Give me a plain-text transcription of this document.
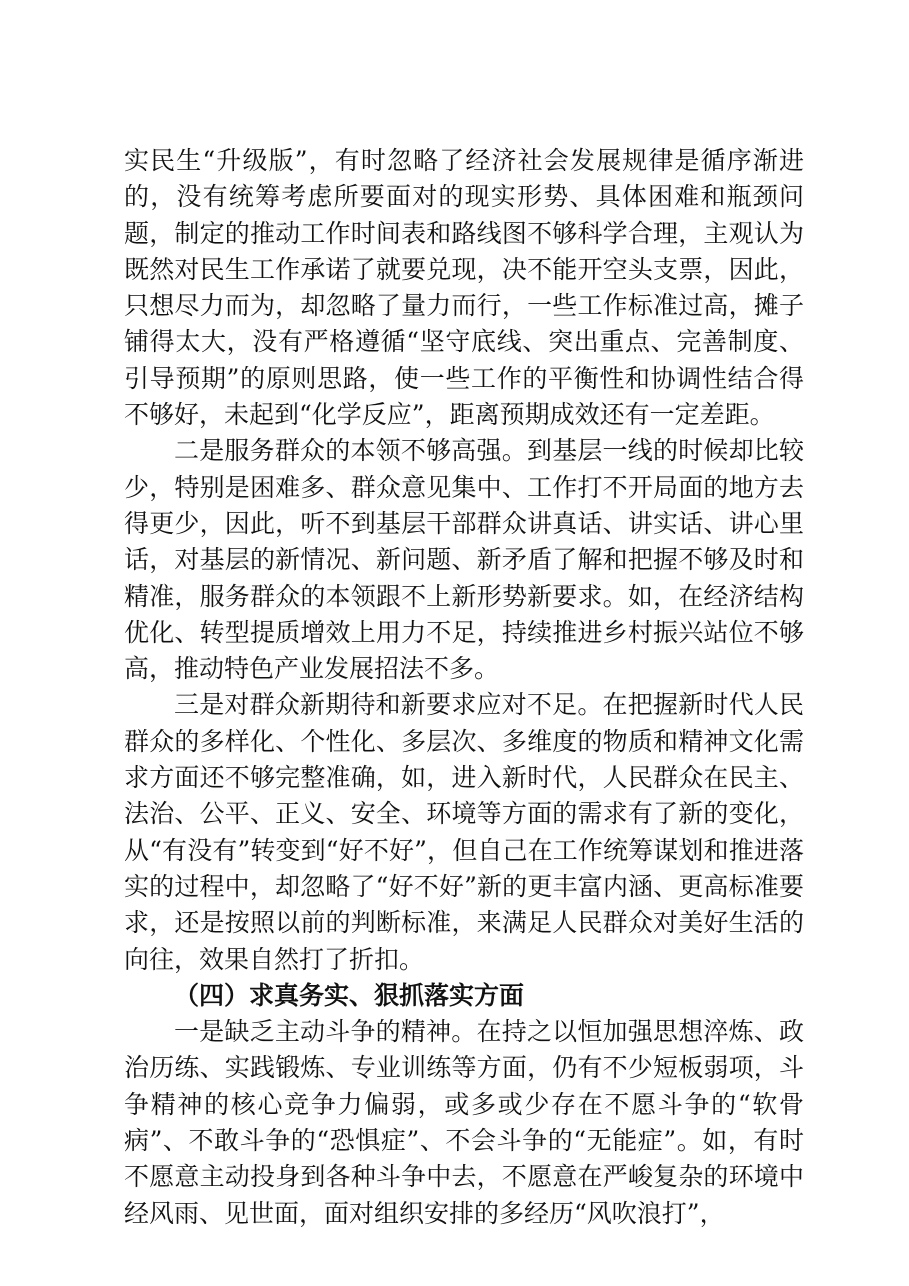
实民生“升级版”，有时忽略了经济社会发展规律是循序渐进的，没有统筹考虑所要面对的现实形势、具体困难和瓶颈问题，制定的推动工作时间表和路线图不够科学合理，主观认为既然对民生工作承诺了就要兑现，决不能开空头支票，因此，只想尽力而为，却忽略了量力而行，一些工作标准过高，摊子铺得太大，没有严格遵循“坚守底线、突出重点、完善制度、引导预期”的原则思路，使一些工作的平衡性和协调性结合得不够好，未起到“化学反应”，距离预期成效还有一定差距。

二是服务群众的本领不够高强。到基层一线的时候却比较少，特别是困难多、群众意见集中、工作打不开局面的地方去得更少，因此，听不到基层干部群众讲真话、讲实话、讲心里话，对基层的新情况、新问题、新矛盾了解和把握不够及时和精准，服务群众的本领跟不上新形势新要求。如，在经济结构优化、转型提质增效上用力不足，持续推进乡村振兴站位不够高，推动特色产业发展招法不多。

三是对群众新期待和新要求应对不足。在把握新时代人民群众的多样化、个性化、多层次、多维度的物质和精神文化需求方面还不够完整准确，如，进入新时代，人民群众在民主、法治、公平、正义、安全、环境等方面的需求有了新的变化，从“有没有”转变到“好不好”，但自己在工作统筹谋划和推进落实的过程中，却忽略了“好不好”新的更丰富内涵、更高标准要求，还是按照以前的判断标准，来满足人民群众对美好生活的向往，效果自然打了折扣。

（四）求真务实、狠抓落实方面

一是缺乏主动斗争的精神。在持之以恒加强思想淬炼、政治历练、实践锻炼、专业训练等方面，仍有不少短板弱项，斗争精神的核心竞争力偏弱，或多或少存在不愿斗争的“软骨病”、不敢斗争的“恐惧症”、不会斗争的“无能症”。如，有时不愿意主动投身到各种斗争中去，不愿意在严峻复杂的环境中经风雨、见世面，面对组织安排的多经历“风吹浪打”，
